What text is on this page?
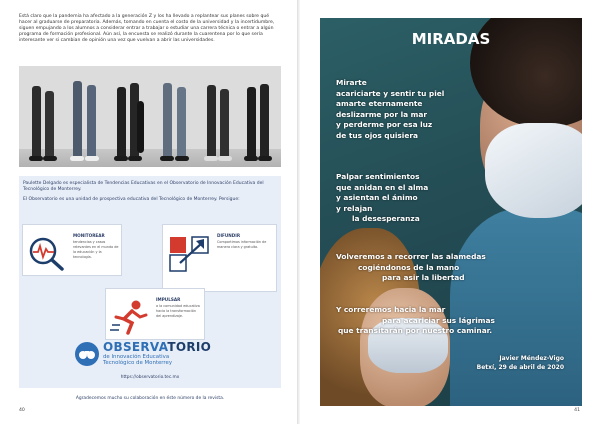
Está claro que la pandemia ha afectado a la generación Z y los ha llevado a replantear sus planes sobre qué hacer al graduarse de preparatoria. Además, tomando en cuenta el costo de la universidad y la incertidumbre, siguen empujando a los alumnos a considerar entrar a trabajar o estudiar una carrera técnica o entrar a algún programa de formación profesional. Aún así, la encuesta se realizó durante la cuarentena por lo que sería interesante ver si cambian de opinión una vez que vuelvan a abrir las universidades.

Paulette Delgado es especialista de Tendencias Educativas en el Observatorio de Innovación Educativa del Tecnológico de Monterrey.

El Observatorio es una unidad de prospectiva educativa del Tecnológico de Monterrey. Persigue:

MONITOREAR
tendencias y casos relevantes en el mundo de la educación y la tecnología.
DIFUNDIR
Compartimos información de manera clara y gratuita.
IMPULSAR
a la comunidad educativa hacia la transformación del aprendizaje.
OBSERVATORIO
de Innovación Educativa
Tecnológico de Monterrey
https://observatorio.tec.mx
Agradecemos mucho su colaboración en éste número de la revista.
40
MIRADAS
Mirarte
acariciarte y sentir tu piel
amarte eternamente
deslizarme por la mar
y perderme por esa luz
de tus ojos quisiera
Palpar sentimientos
que anidan en el alma
y asientan el ánimo
y relajan
la desesperanza
Volveremos a recorrer las alamedas
cogiéndonos de la mano
para asir la libertad
Y correremos hacia la mar
para acariciar sus lágrimas
que transitarán por nuestro caminar.
Javier Méndez-Vigo
Betxí, 29 de abril de 2020
41
